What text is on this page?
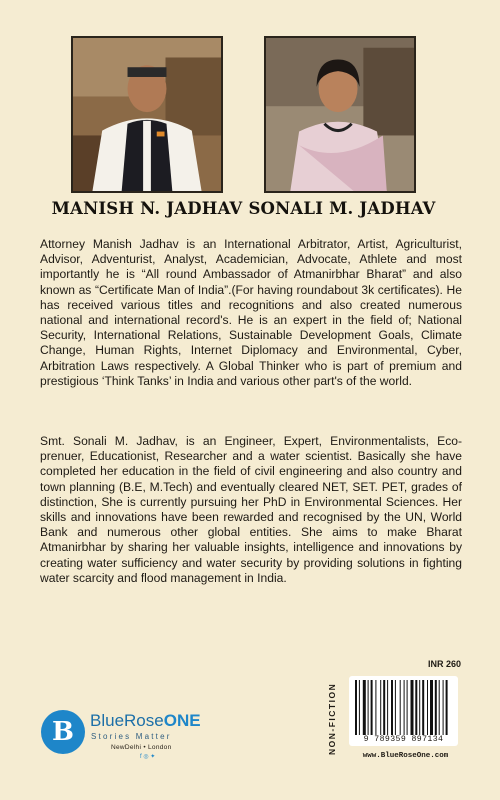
MANISH N. JADHAV SONALI M. JADHAV

Attorney Manish Jadhav is an International Arbitrator, Artist, Agriculturist, Advisor, Adventurist, Analyst, Academician, Advocate, Athlete and most importantly he is “All round Ambassador of Atmanirbhar Bharat” and also known as “Certificate Man of India”.(For having roundabout 3k certificates). He has received various titles and recognitions and also created numerous national and international record's. He is an expert in the field of; National Security, International Relations, Sustainable Development Goals, Climate Change, Human Rights, Internet Diplomacy and Environmental, Cyber, Arbitration Laws respectively. A Global Thinker who is part of premium and prestigious ‘Think Tanks’ in India and various other part's of the world.

Smt. Sonali M. Jadhav, is an Engineer, Expert, Environmentalists, Eco-prenuer, Educationist, Researcher and a water scientist. Basically she have completed her education in the field of civil engineering and also country and town planning (B.E, M.Tech) and eventually cleared NET, SET. PET, grades of distinction, She is currently pursuing her PhD in Environmental Sciences. Her skills and innovations have been rewarded and recognised by the UN, World Bank and numerous other global entities. She aims to make Bharat Atmanirbhar by sharing her valuable insights, intelligence and innovations by creating water sufficiency and water security by providing solutions in fighting water scarcity and flood management in India.

B BlueRoseONE
Stories Matter
NewDelhi • London
f ◎ ✦
INR 260
NON-FICTION	9 789359 897134
www.BlueRoseOne.com
